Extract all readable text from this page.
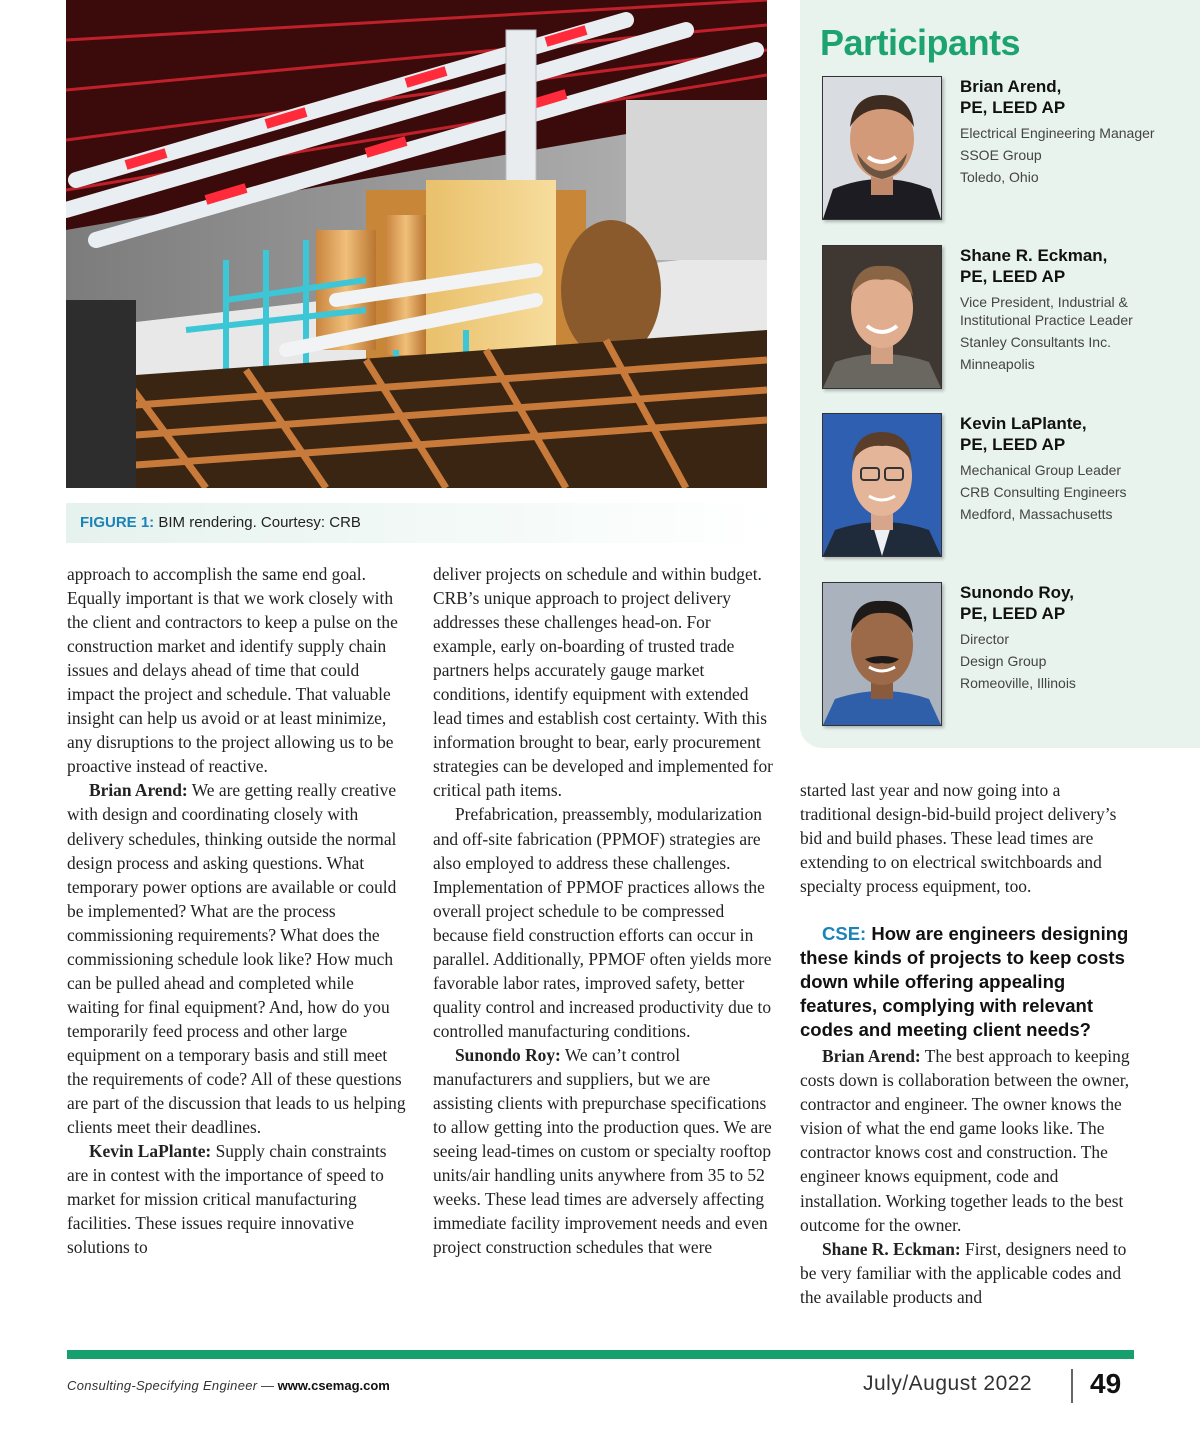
FIGURE 1: BIM rendering. Courtesy: CRB
Participants
Brian Arend,
PE, LEED AP
Electrical Engineering Manager
SSOE Group
Toledo, Ohio
Shane R. Eckman,
PE, LEED AP
Vice President, Industrial & Institutional Practice Leader
Stanley Consultants Inc.
Minneapolis
Kevin LaPlante,
PE, LEED AP
Mechanical Group Leader
CRB Consulting Engineers
Medford, Massachusetts
Sunondo Roy,
PE, LEED AP
Director
Design Group
Romeoville, Illinois

approach to accomplish the same end goal. Equally important is that we work closely with the client and contractors to keep a pulse on the construction market and identify supply chain issues and delays ahead of time that could impact the project and schedule. That valuable insight can help us avoid or at least minimize, any disruptions to the project allowing us to be proactive instead of reactive.

Brian Arend: We are getting really creative with design and coordinating closely with delivery schedules, thinking outside the normal design process and asking questions. What temporary power options are available or could be implemented? What are the process commissioning requirements? What does the commissioning schedule look like? How much can be pulled ahead and completed while waiting for final equipment? And, how do you temporarily feed process and other large equipment on a temporary basis and still meet the requirements of code? All of these questions are part of the discussion that leads to us helping clients meet their deadlines.

Kevin LaPlante: Supply chain constraints are in contest with the importance of speed to market for mission critical manufacturing facilities. These issues require innovative solutions to

deliver projects on schedule and within budget. CRB’s unique approach to project delivery addresses these challenges head-on. For example, early on-boarding of trusted trade partners helps accurately gauge market conditions, identify equipment with extended lead times and establish cost certainty. With this information brought to bear, early procurement strategies can be developed and implemented for critical path items.

Prefabrication, preassembly, modularization and off-site fabrication (PPMOF) strategies are also employed to address these challenges. Implementation of PPMOF practices allows the overall project schedule to be compressed because field construction efforts can occur in parallel. Additionally, PPMOF often yields more favorable labor rates, improved safety, better quality control and increased productivity due to controlled manufacturing conditions.

Sunondo Roy: We can’t control manufacturers and suppliers, but we are assisting clients with prepurchase specifications to allow getting into the production ques. We are seeing lead-times on custom or specialty rooftop units/air handling units anywhere from 35 to 52 weeks. These lead times are adversely affecting immediate facility improvement needs and even project construction schedules that were

started last year and now going into a traditional design-bid-build project delivery’s bid and build phases. These lead times are extending to on electrical switchboards and specialty process equipment, too.

CSE: How are engineers designing these kinds of projects to keep costs down while offering appealing features, complying with relevant codes and meeting client needs?

Brian Arend: The best approach to keeping costs down is collaboration between the owner, contractor and engineer. The owner knows the vision of what the end game looks like. The contractor knows cost and construction. The engineer knows equipment, code and installation. Working together leads to the best outcome for the owner.

Shane R. Eckman: First, designers need to be very familiar with the applicable codes and the available products and

Consulting-Specifying Engineer — www.csemag.com	July/August 2022 49
